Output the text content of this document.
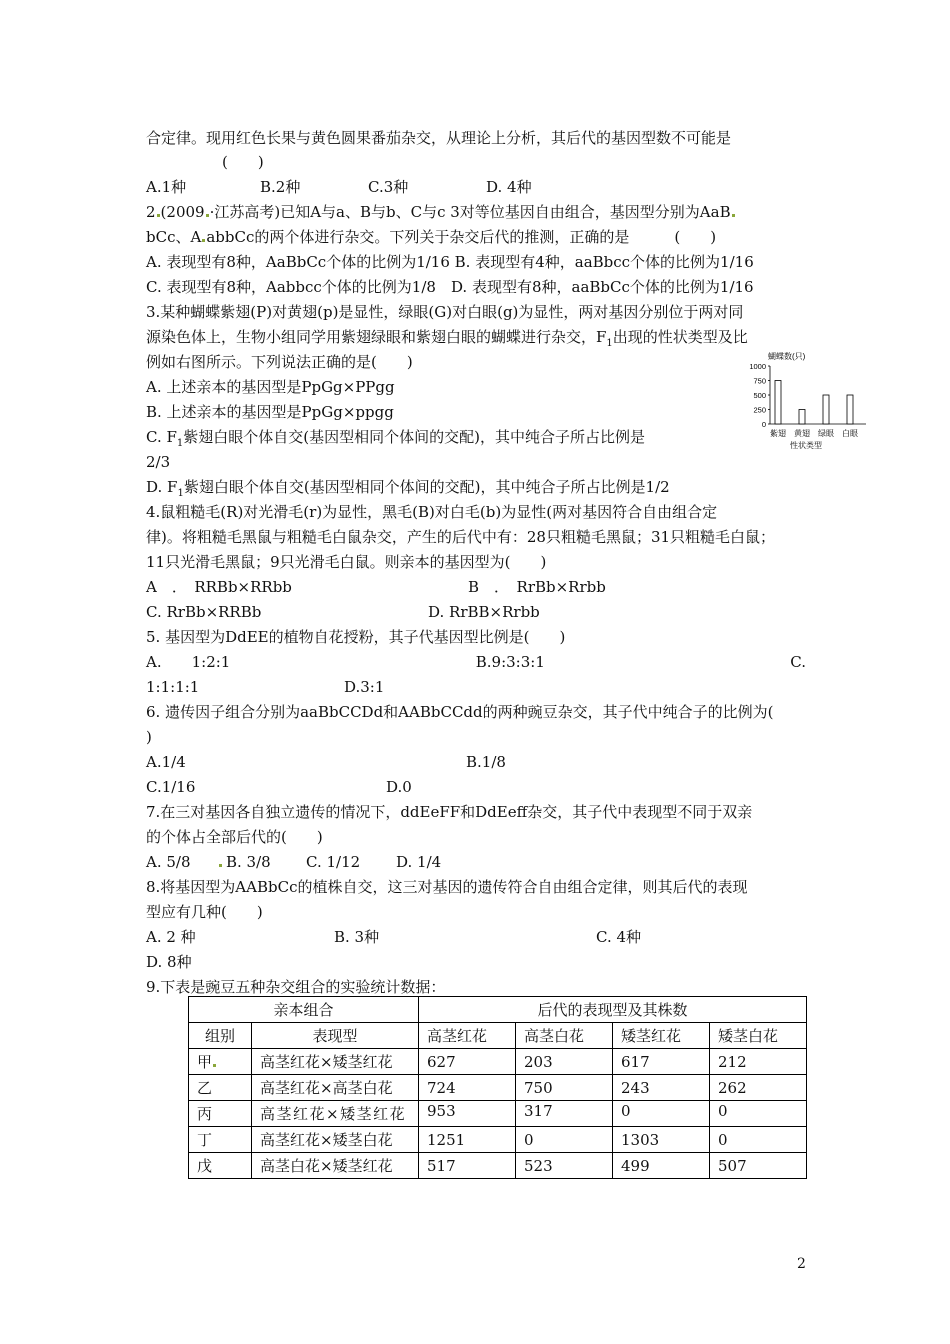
合定律。现用红色长果与黄色圆果番茄杂交，从理论上分析，其后代的基因型数不可能是
(　　)
A.1种	B.2种	C.3种	D. 4种
2 (2009 ·江苏高考)已知A与a、B与b、C与c 3对等位基因自由组合，基因型分别为AaB
bCc、A abbCc的两个体进行杂交。下列关于杂交后代的推测，正确的是　　　(　　)
A. 表现型有8种，AaBbCc个体的比例为1/16 B. 表现型有4种，aaBbcc个体的比例为1/16
C. 表现型有8种，Aabbcc个体的比例为1/8　D. 表现型有8种，aaBbCc个体的比例为1/16
3.某种蝴蝶紫翅(P)对黄翅(p)是显性，绿眼(G)对白眼(g)为显性，两对基因分别位于两对同
源染色体上，生物小组同学用紫翅绿眼和紫翅白眼的蝴蝶进行杂交，$F_1$出现的性状类型及比
例如右图所示。下列说法正确的是(　　)
A. 上述亲本的基因型是PpGg×PPgg
B. 上述亲本的基因型是PpGg×ppgg
C. $F_1$紫翅白眼个体自交(基因型相同个体间的交配)，其中纯合子所占比例是
2/3
D. $F_1$紫翅白眼个体自交(基因型相同个体间的交配)，其中纯合子所占比例是1/2
4.鼠粗糙毛(R)对光滑毛(r)为显性，黑毛(B)对白毛(b)为显性(两对基因符合自由组合定
律)。将粗糙毛黑鼠与粗糙毛白鼠杂交，产生的后代中有：28只粗糙毛黑鼠；31只粗糙毛白鼠；
11只光滑毛黑鼠；9只光滑毛白鼠。则亲本的基因型为(　　)
A　．　RRBb×RRbb	B　．　RrBb×Rrbb
C. RrBb×RRBb	D. RrBB×Rrbb
5. 基因型为DdEE的植物自花授粉，其子代基因型比例是(　　)
A.　　1:2:1	B.9:3:3:1	C.
1:1:1:1	D.3:1
6. 遗传因子组合分别为aaBbCCDd和AABbCCdd的两种豌豆杂交，其子代中纯合子的比例为(
)
A.1/4	B.1/8
C.1/16	D.0
7.在三对基因各自独立遗传的情况下，ddEeFF和DdEeff杂交，其子代中表现型不同于双亲
的个体占全部后代的(　　)
A. 5/8 B. 3/8 C. 1/12 D. 1/4
8.将基因型为AABbCc的植株自交，这三对基因的遗传符合自由组合定律，则其后代的表现
型应有几种(　　)
A. 2 种	B. 3种	C. 4种
D. 8种
9.下表是豌豆五种杂交组合的实验统计数据：
蝴蝶数(只)
1000
750
500
250
0
紫翅 黄翅 绿眼 白眼
性状类型
亲本组合		后代的表现型及其株数			
组别	表现型	高茎红花	高茎白花	矮茎红花	矮茎白花
甲	高茎红花×矮茎红花	627	203	617	212
乙	高茎红花×高茎白花	724	750	243	262
丙	高茎红花×矮茎红花	953	317	0	0
丁	高茎红花×矮茎白花	1251	0	1303	0
戊	高茎白花×矮茎红花	517	523	499	507
2
